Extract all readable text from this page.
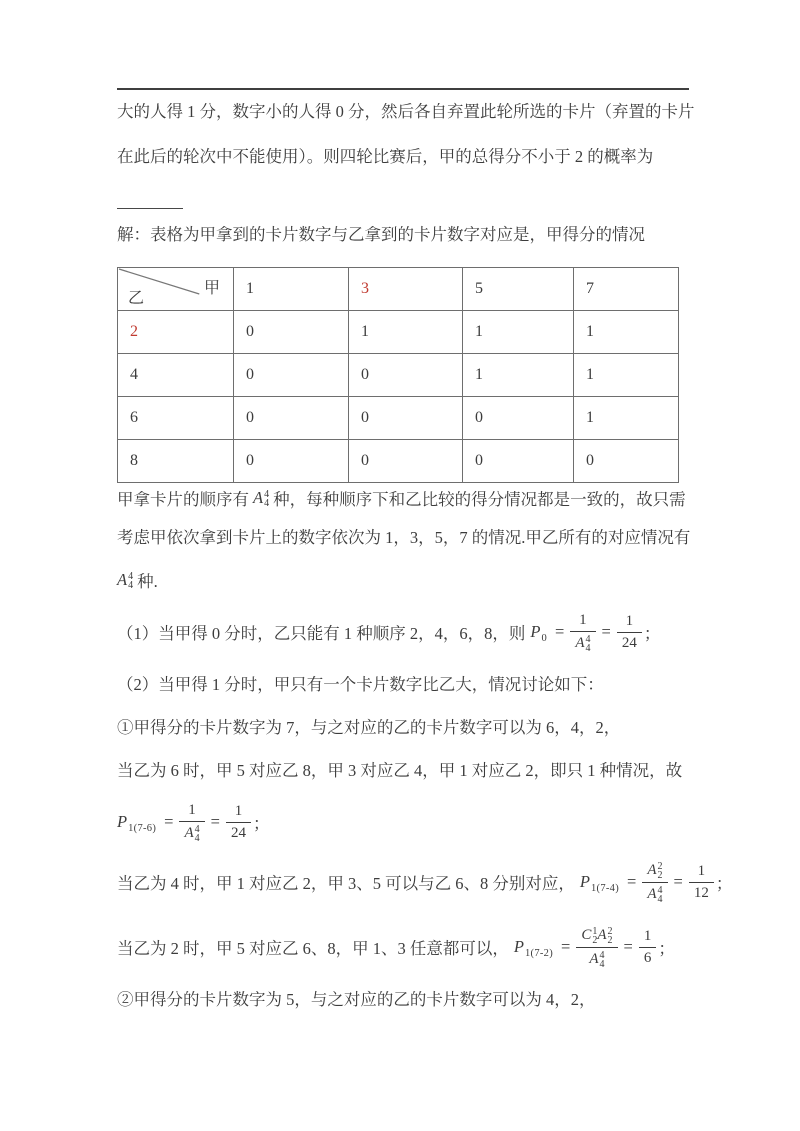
大的人得 1 分，数字小的人得 0 分，然后各自弃置此轮所选的卡片（弃置的卡片
在此后的轮次中不能使用）。则四轮比赛后，甲的总得分不小于 2 的概率为
解：表格为甲拿到的卡片数字与乙拿到的卡片数字对应是，甲得分的情况
甲
乙	1	3	5	7
2	0	1	1	1
4	0	0	1	1
6	0	0	0	1
8	0	0	0	0
甲拿卡片的顺序有 A 4
4 种，每种顺序下和乙比较的得分情况都是一致的，故只需
考虑甲依次拿到卡片上的数字依次为 1，3，5，7 的情况.甲乙所有的对应情况有
A 4
4 种.
（1）当甲得 0 分时，乙只能有 1 种顺序 2，4，6，8，则 P 0 = 1
A 4
$4 = \frac{1}{24}$ ；
（2）当甲得 1 分时，甲只有一个卡片数字比乙大，情况讨论如下：
①甲得分的卡片数字为 7，与之对应的乙的卡片数字可以为 6，4，2，
当乙为 6 时，甲 5 对应乙 8，甲 3 对应乙 4，甲 1 对应乙 2，即只 1 种情况，故
P 1(7-6) = 1
A 4
$4 = \frac{1}{24}$ ；
当乙为 4 时，甲 1 对应乙 2，甲 3、5 可以与乙 6、8 分别对应， P 1(7-4) = A 2
2
A 4
$4 = \frac{1}{12}$ ；
当乙为 2 时，甲 5 对应乙 6、8，甲 1、3 任意都可以， P 1(7-2) = C 1
2 A 2
2
A 4
$4 = \frac{1}{6}$ ；
②甲得分的卡片数字为 5，与之对应的乙的卡片数字可以为 4，2，
